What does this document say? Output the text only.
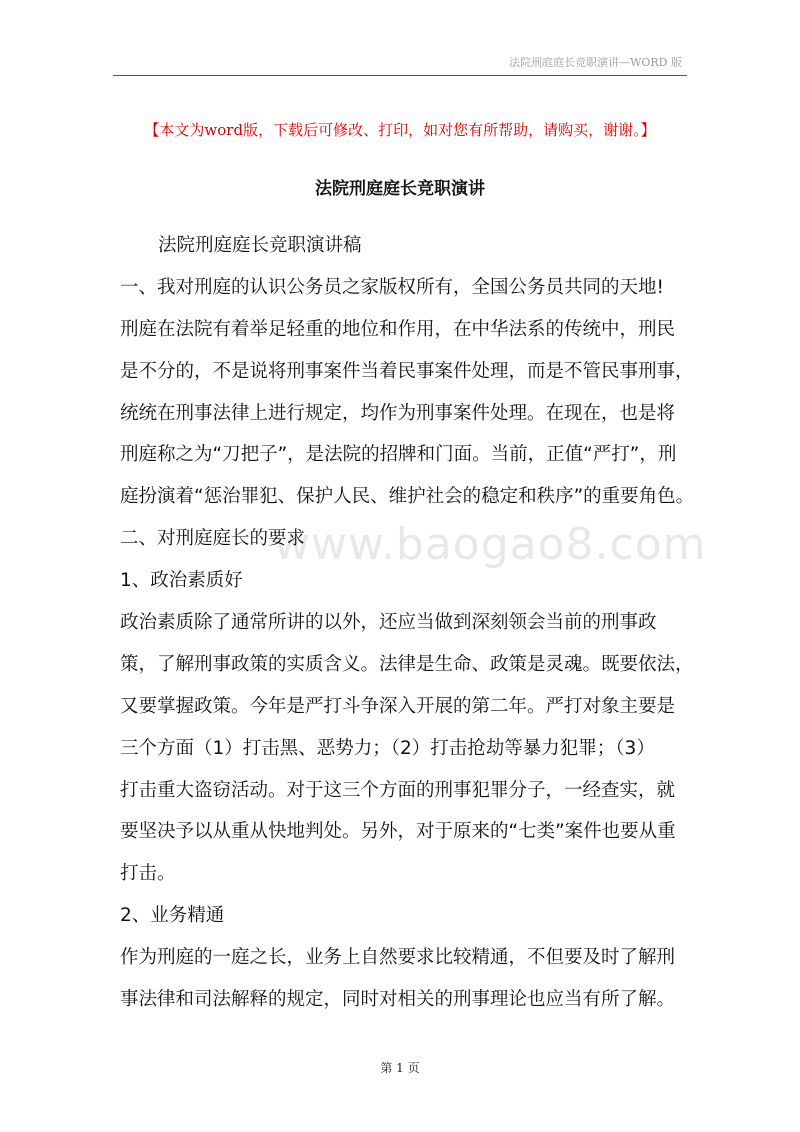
法院刑庭庭长竞职演讲—WORD 版
【本文为word版，下载后可修改、打印，如对您有所帮助，请购买，谢谢。】
法院刑庭庭长竞职演讲
www.baogao8.com
法院刑庭庭长竞职演讲稿
一、我对刑庭的认识公务员之家版权所有，全国公务员共同的天地!
刑庭在法院有着举足轻重的地位和作用，在中华法系的传统中，刑民
是不分的，不是说将刑事案件当着民事案件处理，而是不管民事刑事，
统统在刑事法律上进行规定，均作为刑事案件处理。在现在，也是将
刑庭称之为“刀把子”，是法院的招牌和门面。当前，正值“严打”，刑
庭扮演着“惩治罪犯、保护人民、维护社会的稳定和秩序”的重要角色。
二、对刑庭庭长的要求
1、政治素质好
政治素质除了通常所讲的以外，还应当做到深刻领会当前的刑事政
策，了解刑事政策的实质含义。法律是生命、政策是灵魂。既要依法，
又要掌握政策。今年是严打斗争深入开展的第二年。严打对象主要是
三个方面（1）打击黑、恶势力；（2）打击抢劫等暴力犯罪；（3）
打击重大盗窃活动。对于这三个方面的刑事犯罪分子，一经查实，就
要坚决予以从重从快地判处。另外，对于原来的“七类”案件也要从重
打击。
2、业务精通
作为刑庭的一庭之长，业务上自然要求比较精通，不但要及时了解刑
事法律和司法解释的规定，同时对相关的刑事理论也应当有所了解。
第 1 页
